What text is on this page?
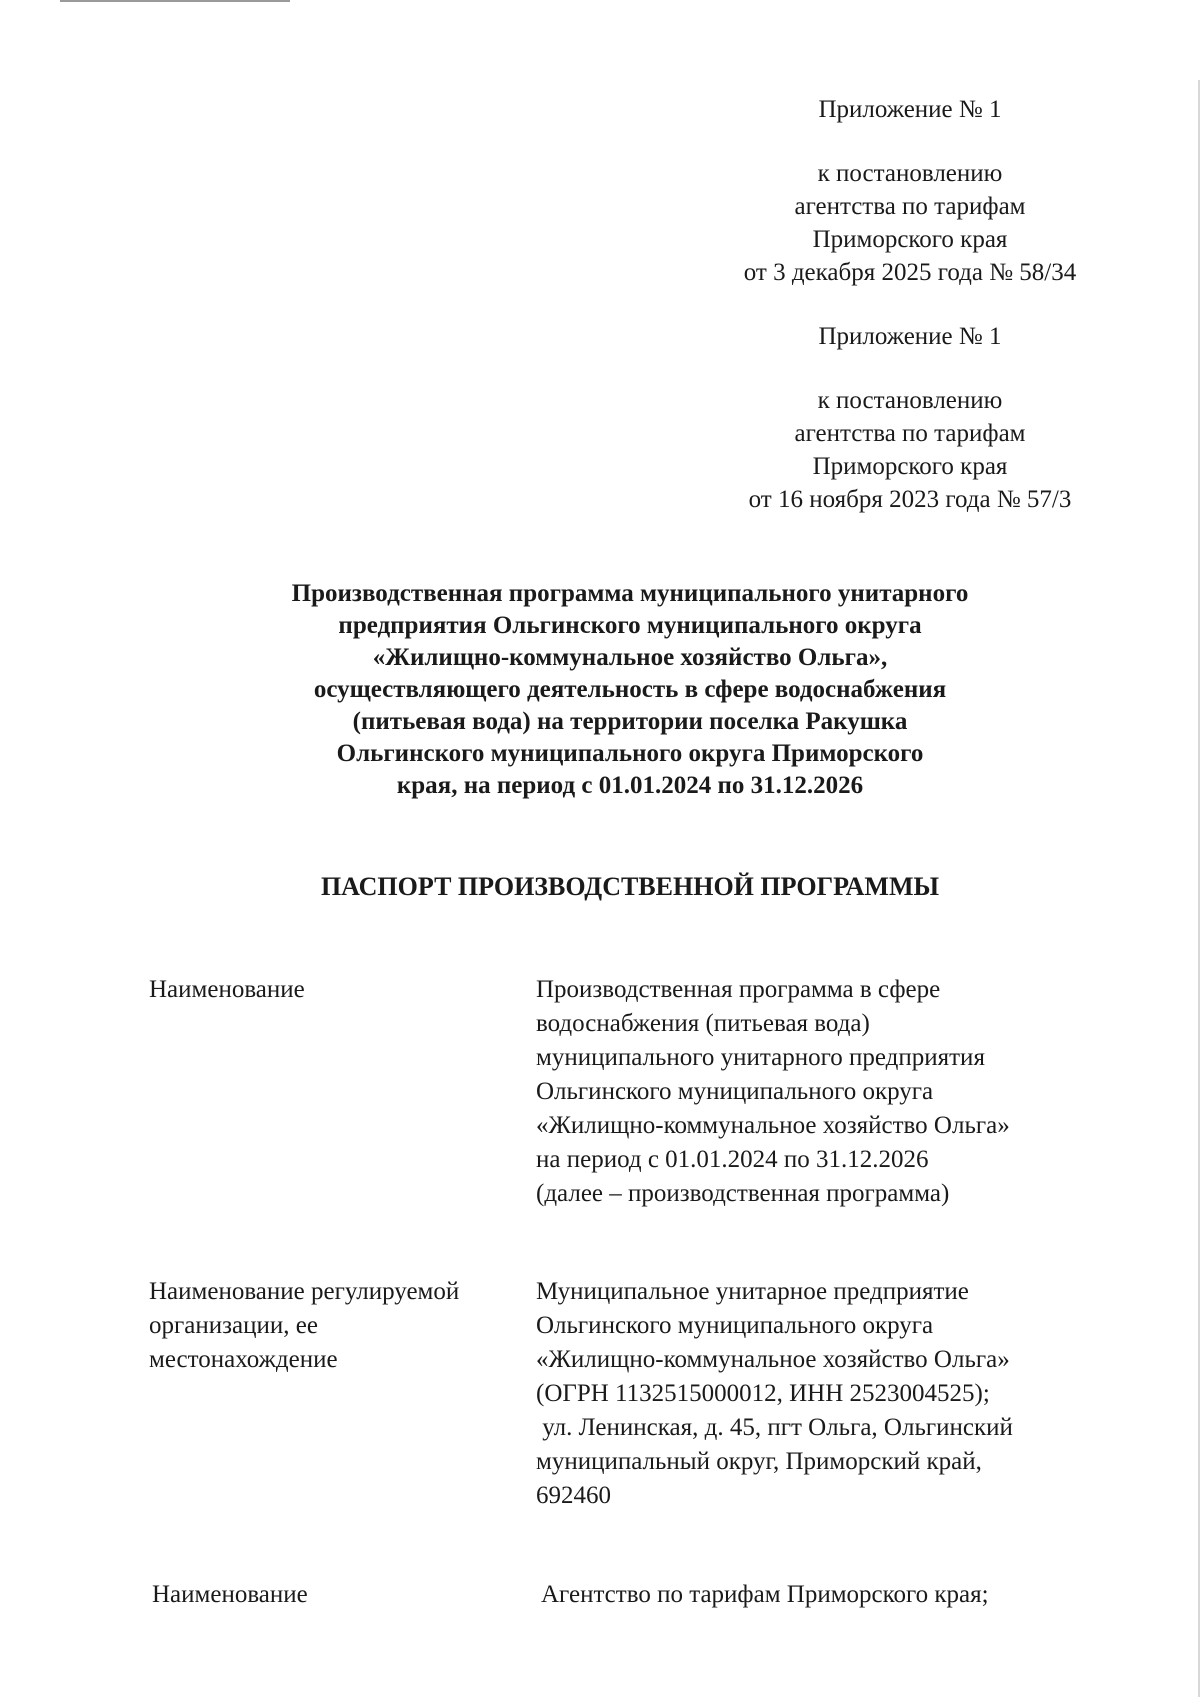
Приложение № 1
к постановлению
агентства по тарифам
Приморского края
от 3 декабря 2025 года № 58/34
Приложение № 1
к постановлению
агентства по тарифам
Приморского края
от 16 ноября 2023 года № 57/3
Производственная программа муниципального унитарного
предприятия Ольгинского муниципального округа
«Жилищно-коммунальное хозяйство Ольга»,
осуществляющего деятельность в сфере водоснабжения
(питьевая вода) на территории поселка Ракушка
Ольгинского муниципального округа Приморского
края, на период с 01.01.2024 по 31.12.2026
ПАСПОРТ ПРОИЗВОДСТВЕННОЙ ПРОГРАММЫ
Наименование	Производственная программа в сфере
водоснабжения (питьевая вода)
муниципального унитарного предприятия
Ольгинского муниципального округа
«Жилищно-коммунальное хозяйство Ольга»
на период с 01.01.2024 по 31.12.2026
(далее – производственная программа)
Наименование регулируемой
организации, ее
местонахождение
Муниципальное унитарное предприятие
Ольгинского муниципального округа
«Жилищно-коммунальное хозяйство Ольга»
(ОГРН 1132515000012, ИНН 2523004525);
ул. Ленинская, д. 45, пгт Ольга, Ольгинский
муниципальный округ, Приморский край,
692460
Наименование	Агентство по тарифам Приморского края;
